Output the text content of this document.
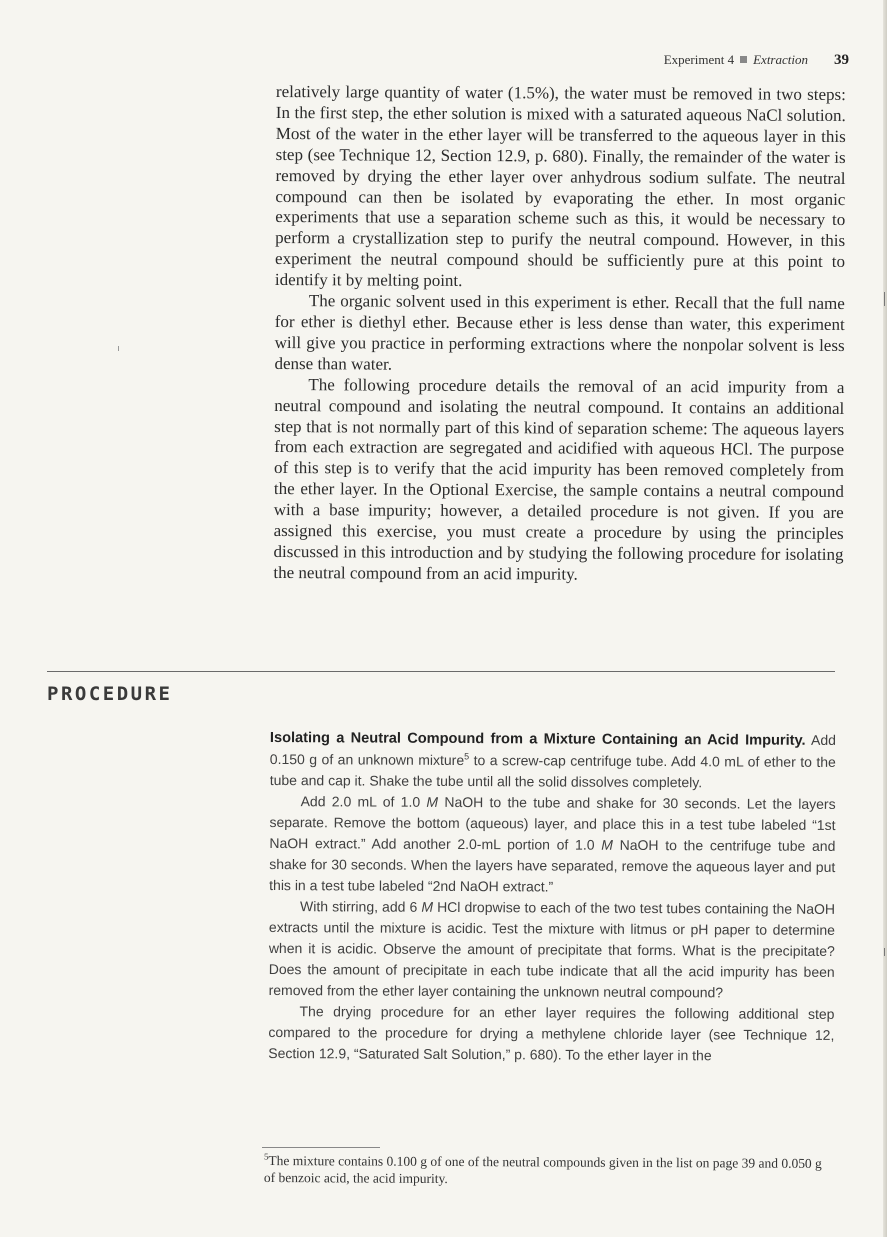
Experiment 4 Extraction 39

relatively large quantity of water (1.5%), the water must be removed in two steps: In the first step, the ether solution is mixed with a saturated aqueous NaCl solution. Most of the water in the ether layer will be transferred to the aqueous layer in this step (see Technique 12, Section 12.9, p. 680). Finally, the remainder of the water is removed by drying the ether layer over anhydrous sodium sulfate. The neutral compound can then be isolated by evaporating the ether. In most organic experiments that use a separation scheme such as this, it would be necessary to perform a crystallization step to purify the neutral compound. However, in this experiment the neutral compound should be sufficiently pure at this point to identify it by melting point.

The organic solvent used in this experiment is ether. Recall that the full name for ether is diethyl ether. Because ether is less dense than water, this experiment will give you practice in performing extractions where the nonpolar solvent is less dense than water.

The following procedure details the removal of an acid impurity from a neutral compound and isolating the neutral compound. It contains an additional step that is not normally part of this kind of separation scheme: The aqueous layers from each extraction are segregated and acidified with aqueous HCl. The purpose of this step is to verify that the acid impurity has been removed completely from the ether layer. In the Optional Exercise, the sample contains a neutral compound with a base impurity; however, a detailed procedure is not given. If you are assigned this exercise, you must create a procedure by using the principles discussed in this introduction and by studying the following procedure for isolating the neutral compound from an acid impurity.

PROCEDURE

Isolating a Neutral Compound from a Mixture Containing an Acid Impurity. Add 0.150 g of an unknown mixture$^5$ to a screw-cap centrifuge tube. Add 4.0 mL of ether to the tube and cap it. Shake the tube until all the solid dissolves completely.

Add 2.0 mL of 1.0 M NaOH to the tube and shake for 30 seconds. Let the layers separate. Remove the bottom (aqueous) layer, and place this in a test tube labeled “1st NaOH extract.” Add another 2.0-mL portion of 1.0 M NaOH to the centrifuge tube and shake for 30 seconds. When the layers have separated, remove the aqueous layer and put this in a test tube labeled “2nd NaOH extract.”

With stirring, add 6 M HCl dropwise to each of the two test tubes containing the NaOH extracts until the mixture is acidic. Test the mixture with litmus or pH paper to determine when it is acidic. Observe the amount of precipitate that forms. What is the precipitate? Does the amount of precipitate in each tube indicate that all the acid impurity has been removed from the ether layer containing the unknown neutral compound?

The drying procedure for an ether layer requires the following additional step compared to the procedure for drying a methylene chloride layer (see Technique 12, Section 12.9, “Saturated Salt Solution,” p. 680). To the ether layer in the

$^5$The mixture contains 0.100 g of one of the neutral compounds given in the list on page 39 and 0.050 g of benzoic acid, the acid impurity.
